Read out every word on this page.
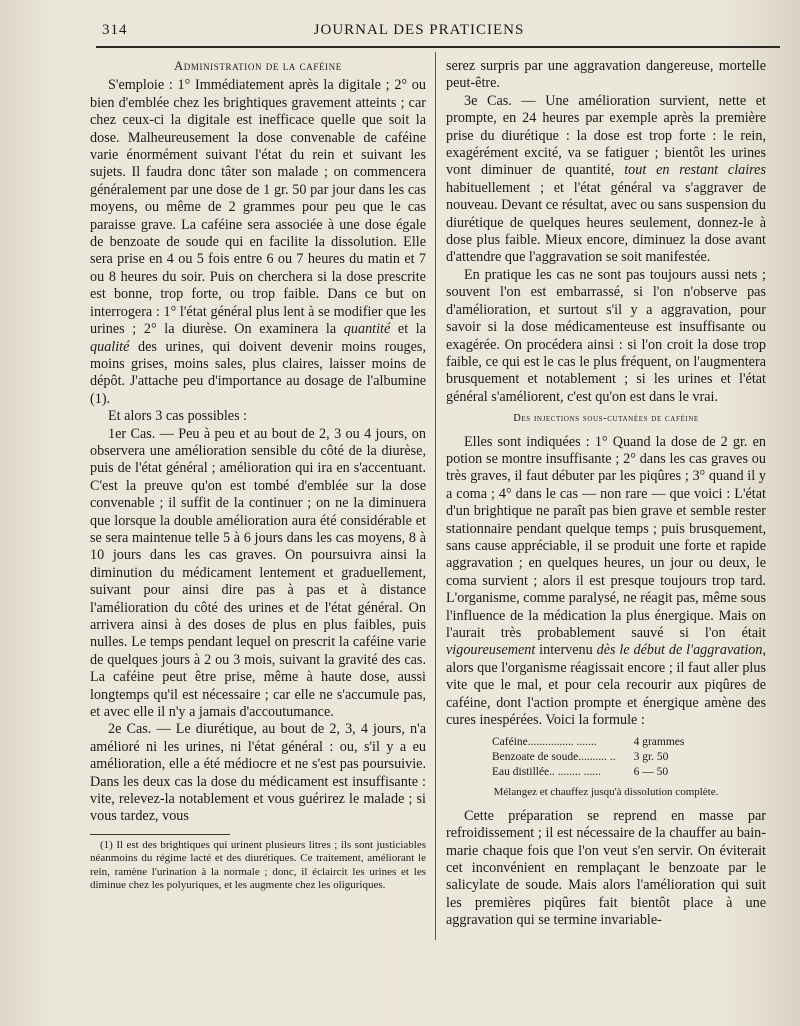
314	JOURNAL DES PRATICIENS
Administration de la caféine

S'emploie : 1° Immédiatement après la digitale ; 2° ou bien d'emblée chez les brightiques gravement atteints ; car chez ceux-ci la digitale est inefficace quelle que soit la dose. Malheureusement la dose convenable de caféine varie énormément suivant l'état du rein et suivant les sujets. Il faudra donc tâter son malade ; on commencera généralement par une dose de 1 gr. 50 par jour dans les cas moyens, ou même de 2 grammes pour peu que le cas paraisse grave. La caféine sera associée à une dose égale de benzoate de soude qui en facilite la dissolution. Elle sera prise en 4 ou 5 fois entre 6 ou 7 heures du matin et 7 ou 8 heures du soir. Puis on cherchera si la dose prescrite est bonne, trop forte, ou trop faible. Dans ce but on interrogera : 1° l'état général plus lent à se modifier que les urines ; 2° la diurèse. On examinera la quantité et la qualité des urines, qui doivent devenir moins rouges, moins grises, moins sales, plus claires, laisser moins de dépôt. J'attache peu d'importance au dosage de l'albumine (1).

Et alors 3 cas possibles :

1er Cas. — Peu à peu et au bout de 2, 3 ou 4 jours, on observera une amélioration sensible du côté de la diurèse, puis de l'état général ; amélioration qui ira en s'accentuant. C'est la preuve qu'on est tombé d'emblée sur la dose convenable ; il suffit de la continuer ; on ne la diminuera que lorsque la double amélioration aura été considérable et se sera maintenue telle 5 à 6 jours dans les cas moyens, 8 à 10 jours dans les cas graves. On poursuivra ainsi la diminution du médicament lentement et graduellement, suivant pour ainsi dire pas à pas et à distance l'amélioration du côté des urines et de l'état général. On arrivera ainsi à des doses de plus en plus faibles, puis nulles. Le temps pendant lequel on prescrit la caféine varie de quelques jours à 2 ou 3 mois, suivant la gravité des cas. La caféine peut être prise, même à haute dose, aussi longtemps qu'il est nécessaire ; car elle ne s'accumule pas, et avec elle il n'y a jamais d'accoutumance.

2e Cas. — Le diurétique, au bout de 2, 3, 4 jours, n'a amélioré ni les urines, ni l'état général : ou, s'il y a eu amélioration, elle a été médiocre et ne s'est pas poursuivie. Dans les deux cas la dose du médicament est insuffisante : vite, relevez-la notablement et vous guérirez le malade ; si vous tardez, vous

(1) Il est des brightiques qui urinent plusieurs litres ; ils sont justiciables néanmoins du régime lacté et des diurétiques. Ce traitement, améliorant le rein, ramène l'urination à la normale ; donc, il éclaircit les urines et les diminue chez les polyuriques, et les augmente chez les oliguriques.

serez surpris par une aggravation dangereuse, mortelle peut-être.

3e Cas. — Une amélioration survient, nette et prompte, en 24 heures par exemple après la première prise du diurétique : la dose est trop forte : le rein, exagérément excité, va se fatiguer ; bientôt les urines vont diminuer de quantité, tout en restant claires habituellement ; et l'état général va s'aggraver de nouveau. Devant ce résultat, avec ou sans suspension du diurétique de quelques heures seulement, donnez-le à dose plus faible. Mieux encore, diminuez la dose avant d'attendre que l'aggravation se soit manifestée.

En pratique les cas ne sont pas toujours aussi nets ; souvent l'on est embarrassé, si l'on n'observe pas d'amélioration, et surtout s'il y a aggravation, pour savoir si la dose médicamenteuse est insuffisante ou exagérée. On procédera ainsi : si l'on croit la dose trop faible, ce qui est le cas le plus fréquent, on l'augmentera brusquement et notablement ; si les urines et l'état général s'améliorent, c'est qu'on est dans le vrai.

Des injections sous-cutanées de caféine

Elles sont indiquées : 1° Quand la dose de 2 gr. en potion se montre insuffisante ; 2° dans les cas graves ou très graves, il faut débuter par les piqûres ; 3° quand il y a coma ; 4° dans le cas — non rare — que voici : L'état d'un brightique ne paraît pas bien grave et semble rester stationnaire pendant quelque temps ; puis brusquement, sans cause appréciable, il se produit une forte et rapide aggravation ; en quelques heures, un jour ou deux, le coma survient ; alors il est presque toujours trop tard. L'organisme, comme paralysé, ne réagit pas, même sous l'influence de la médication la plus énergique. Mais on l'aurait très probablement sauvé si l'on était vigoureusement intervenu dès le début de l'aggravation, alors que l'organisme réagissait encore ; il faut aller plus vite que le mal, et pour cela recourir aux piqûres de caféine, dont l'action prompte et énergique amène des cures inespérées. Voici la formule :

Caféine................ .......	4 grammes
Benzoate de soude.......... ..	3 gr. 50
Eau distillée.. ........ ......	6 — 50

Mélangez et chauffez jusqu'à dissolution complète.

Cette préparation se reprend en masse par refroidissement ; il est nécessaire de la chauffer au bain-marie chaque fois que l'on veut s'en servir. On éviterait cet inconvénient en remplaçant le benzoate par le salicylate de soude. Mais alors l'amélioration qui suit les premières piqûres fait bientôt place à une aggravation qui se termine invariable-
